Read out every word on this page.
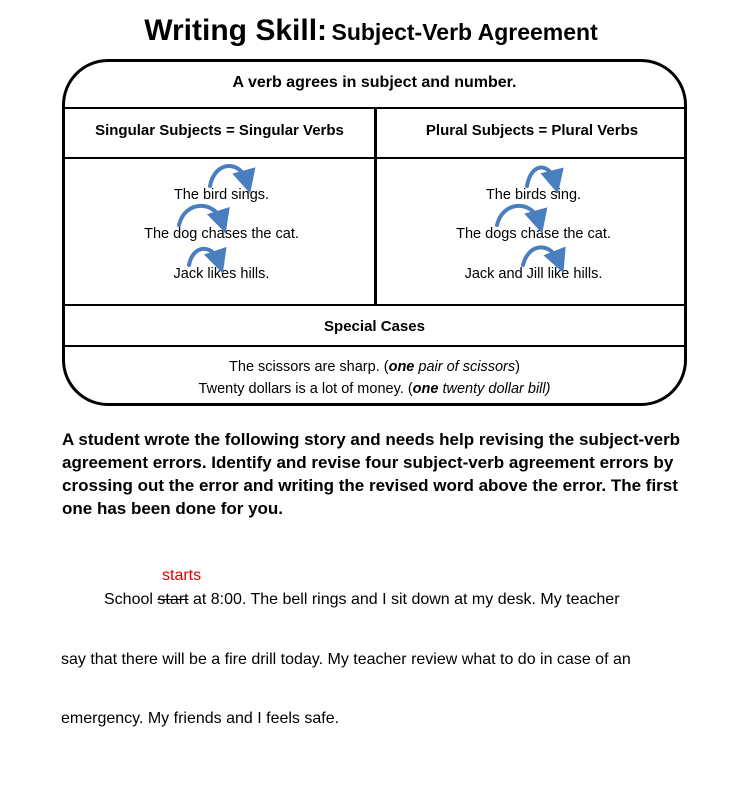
Writing Skill: Subject-Verb Agreement
A verb agrees in subject and number.
Singular Subjects = Singular Verbs	Plural Subjects = Plural Verbs
The bird sings.
The dog chases the cat.
Jack likes hills.
The birds sing.
The dogs chase the cat.
Jack and Jill like hills.
Special Cases
The scissors are sharp. (one pair of scissors)
Twenty dollars is a lot of money. (one twenty dollar bill)
A student wrote the following story and needs help revising the subject-verb agreement errors. Identify and revise four subject-verb agreement errors by crossing out the error and writing the revised word above the error. The first one has been done for you.
starts
School start at 8:00. The bell rings and I sit down at my desk. My teacher
say that there will be a fire drill today. My teacher review what to do in case of an
emergency. My friends and I feels safe.
